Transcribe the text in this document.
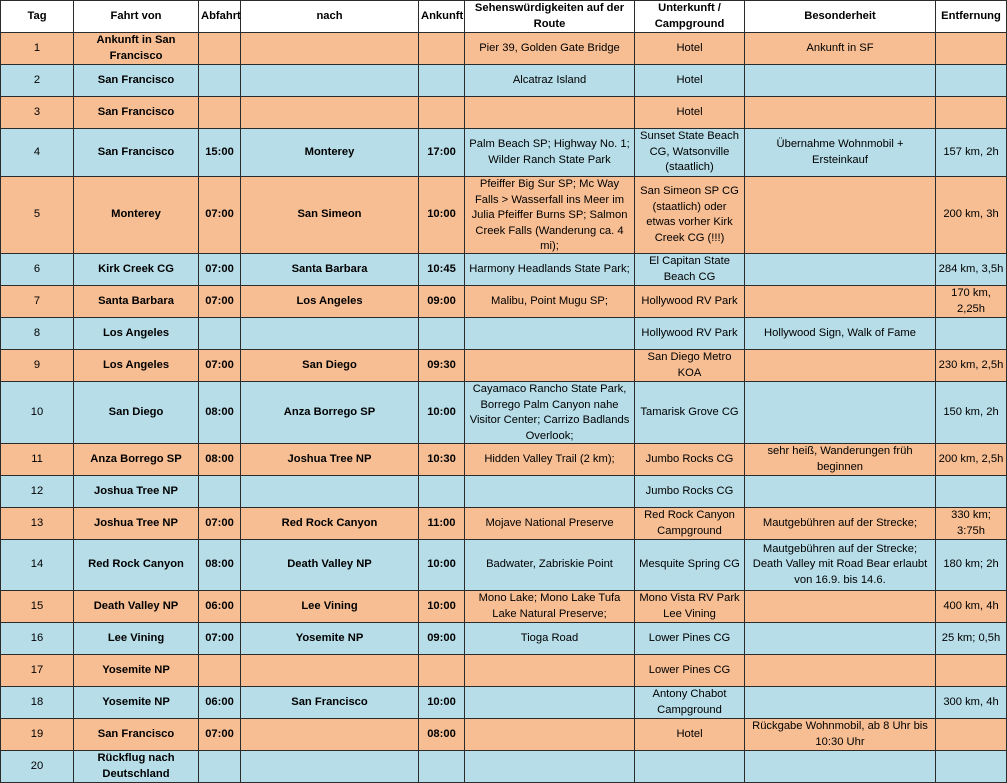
Tag	Fahrt von	Abfahrt	nach	Ankunft	Sehenswürdigkeiten auf der Route	Unterkunft / Campground	Besonderheit	Entfernung

1	Ankunft in San Francisco				Pier 39, Golden Gate Bridge	Hotel	Ankunft in SF	

2	San Francisco				Alcatraz Island	Hotel		

3	San Francisco					Hotel		

4	San Francisco	15:00	Monterey	17:00	Palm Beach SP; Highway No. 1; Wilder Ranch State Park	Sunset State Beach CG, Watsonville (staatlich)	Übernahme Wohnmobil + Ersteinkauf	157 km, 2h

5	Monterey	07:00	San Simeon	10:00	Pfeiffer Big Sur SP; Mc Way Falls > Wasserfall ins Meer im Julia Pfeiffer Burns SP; Salmon Creek Falls (Wanderung ca. 4 mi);	San Simeon SP CG (staatlich) oder etwas vorher Kirk Creek CG (!!!)		200 km, 3h

6	Kirk Creek CG	07:00	Santa Barbara	10:45	Harmony Headlands State Park;	El Capitan State Beach CG		284 km, 3,5h

7	Santa Barbara	07:00	Los Angeles	09:00	Malibu, Point Mugu SP;	Hollywood RV Park		170 km, 2,25h

8	Los Angeles					Hollywood RV Park	Hollywood Sign, Walk of Fame	

9	Los Angeles	07:00	San Diego	09:30		San Diego Metro KOA		230 km, 2,5h

10	San Diego	08:00	Anza Borrego SP	10:00	Cayamaco Rancho State Park, Borrego Palm Canyon nahe Visitor Center; Carrizo Badlands Overlook;	Tamarisk Grove CG		150 km, 2h

11	Anza Borrego SP	08:00	Joshua Tree NP	10:30	Hidden Valley Trail (2 km);	Jumbo Rocks CG	sehr heiß, Wanderungen früh beginnen	200 km, 2,5h

12	Joshua Tree NP					Jumbo Rocks CG		

13	Joshua Tree NP	07:00	Red Rock Canyon	11:00	Mojave National Preserve	Red Rock Canyon Campground	Mautgebühren auf der Strecke;	330 km; 3:75h

14	Red Rock Canyon	08:00	Death Valley NP	10:00	Badwater, Zabriskie Point	Mesquite Spring CG	Mautgebühren auf der Strecke; Death Valley mit Road Bear erlaubt von 16.9. bis 14.6.	180 km; 2h

15	Death Valley NP	06:00	Lee Vining	10:00	Mono Lake; Mono Lake Tufa Lake Natural Preserve;	Mono Vista RV Park Lee Vining		400 km, 4h

16	Lee Vining	07:00	Yosemite NP	09:00	Tioga Road	Lower Pines CG		25 km; 0,5h

17	Yosemite NP					Lower Pines CG		

18	Yosemite NP	06:00	San Francisco	10:00		Antony Chabot Campground		300 km, 4h

19	San Francisco	07:00		08:00		Hotel	Rückgabe Wohnmobil, ab 8 Uhr bis 10:30 Uhr	

20	Rückflug nach Deutschland							
